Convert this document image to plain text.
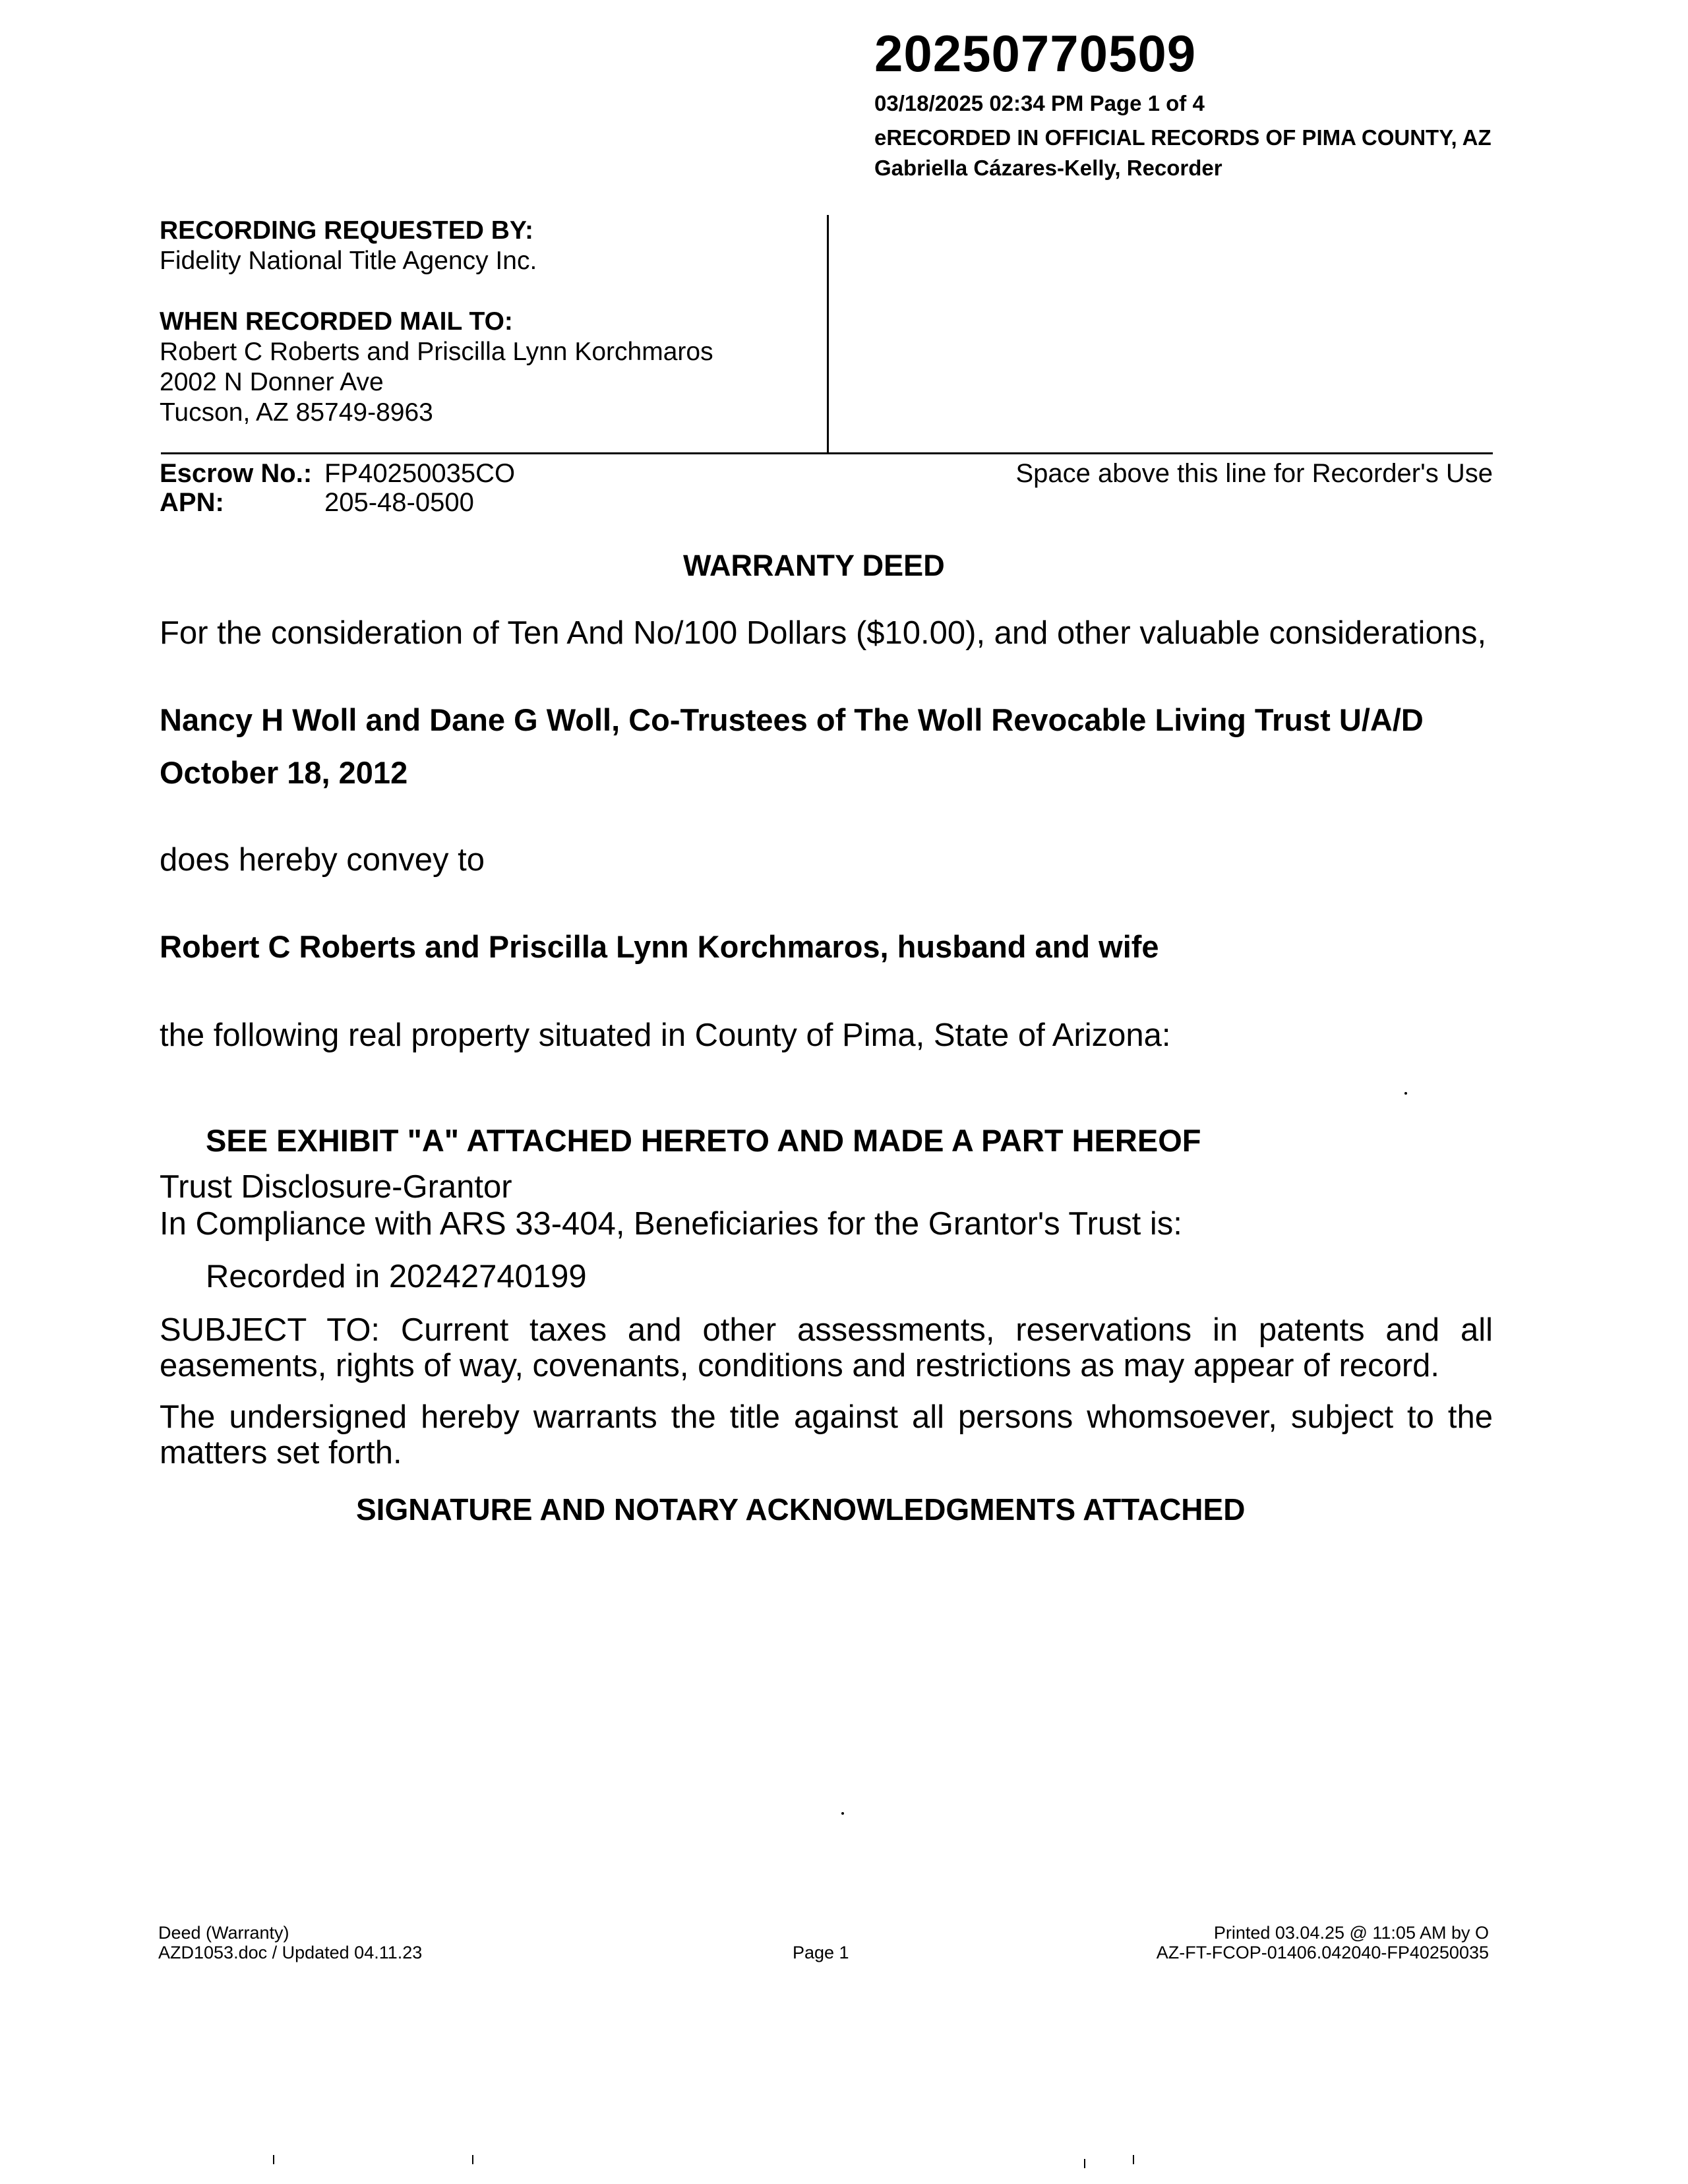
20250770509
03/18/2025 02:34 PM Page 1 of 4
eRECORDED IN OFFICIAL RECORDS OF PIMA COUNTY, AZ
Gabriella Cázares-Kelly, Recorder
RECORDING REQUESTED BY:
Fidelity National Title Agency Inc.
WHEN RECORDED MAIL TO:
Robert C Roberts and Priscilla Lynn Korchmaros
2002 N Donner Ave
Tucson, AZ 85749-8963
Escrow No.: FP40250035CO
APN:	205-48-0500
Space above this line for Recorder's Use
WARRANTY DEED
For the consideration of Ten And No/100 Dollars ($10.00), and other valuable considerations,
Nancy H Woll and Dane G Woll, Co-Trustees of The Woll Revocable Living Trust U/A/D
October 18, 2012
does hereby convey to
Robert C Roberts and Priscilla Lynn Korchmaros, husband and wife
the following real property situated in County of Pima, State of Arizona:
SEE EXHIBIT "A" ATTACHED HERETO AND MADE A PART HEREOF
Trust Disclosure-Grantor
In Compliance with ARS 33-404, Beneficiaries for the Grantor's Trust is:
Recorded in 20242740199
SUBJECT TO: Current taxes and other assessments, reservations in patents and all easements, rights of way, covenants, conditions and restrictions as may appear of record.
The undersigned hereby warrants the title against all persons whomsoever, subject to the matters set forth.
SIGNATURE AND NOTARY ACKNOWLEDGMENTS ATTACHED
Deed (Warranty)
AZD1053.doc / Updated 04.11.23	Page 1
Printed 03.04.25 @ 11:05 AM by O
AZ-FT-FCOP-01406.042040-FP40250035
